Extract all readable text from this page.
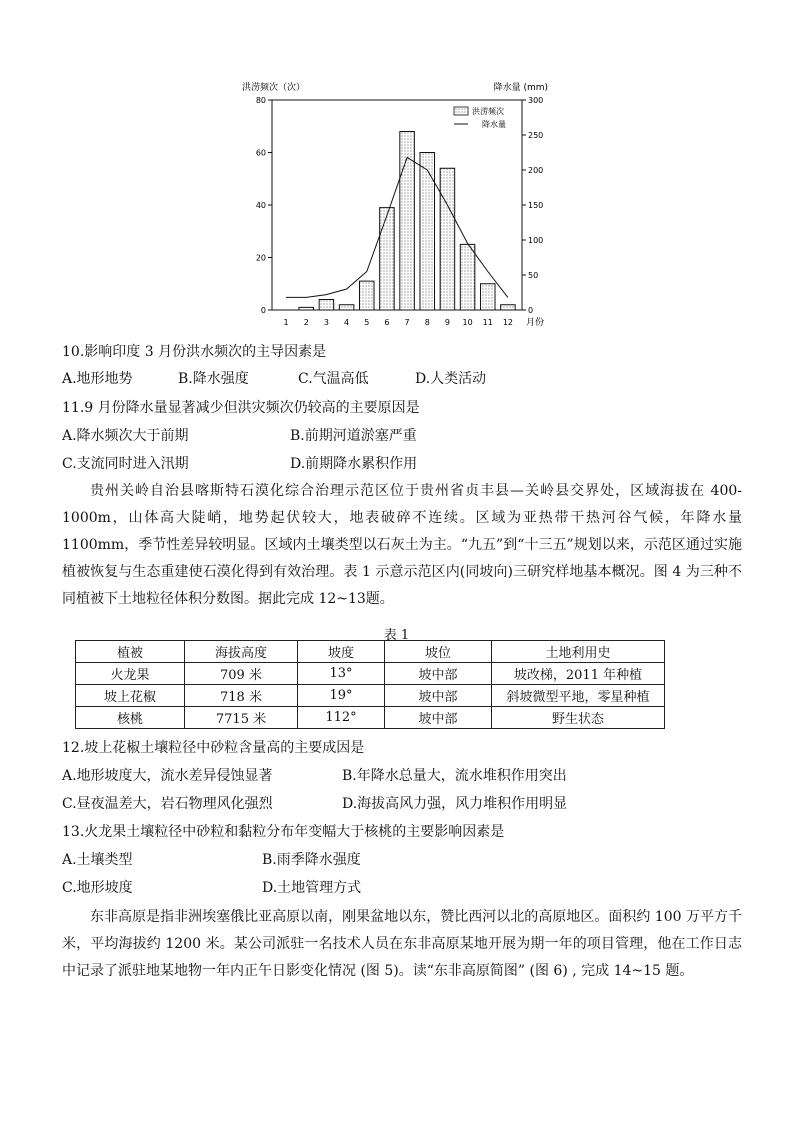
洪涝频次（次）	降水量 (mm)
0
20
40
60
80
0
50
100
150
200
250
300
1 2 3 4 5 6 7 8 9 10 11 12 月份
洪涝频次
降水量
10.影响印度 3 月份洪水频次的主导因素是
A.地形地势	B.降水强度	C.气温高低	D.人类活动
11.9 月份降水量显著减少但洪灾频次仍较高的主要原因是
A.降水频次大于前期	B.前期河道淤塞严重
C.支流同时进入汛期	D.前期降水累积作用
贵州关岭自治县喀斯特石漠化综合治理示范区位于贵州省贞丰县—关岭县交界处，区域海拔在 400-1000m，山体高大陡峭，地势起伏较大，地表破碎不连续。区域为亚热带干热河谷气候，年降水量 1100mm，季节性差异较明显。区域内土壤类型以石灰土为主。“九五”到“十三五”规划以来，示范区通过实施植被恢复与生态重建使石漠化得到有效治理。表 1 示意示范区内(同坡向)三研究样地基本概况。图 4 为三种不同植被下土地粒径体积分数图。据此完成 12~13题。
表 1
植被	海拔高度	坡度	坡位	土地利用史
火龙果	709 米	13°	坡中部	坡改梯，2011 年种植
坡上花椒	718 米	19°	坡中部	斜坡微型平地，零星种植
核桃	7715 米	112°	坡中部	野生状态
12.坡上花椒土壤粒径中砂粒含量高的主要成因是
A.地形坡度大，流水差异侵蚀显著	B.年降水总量大，流水堆积作用突出
C.昼夜温差大，岩石物理风化强烈	D.海拔高风力强，风力堆积作用明显
13.火龙果土壤粒径中砂粒和黏粒分布年变幅大于核桃的主要影响因素是
A.土壤类型	B.雨季降水强度
C.地形坡度	D.土地管理方式
东非高原是指非洲埃塞俄比亚高原以南，刚果盆地以东，赞比西河以北的高原地区。面积约 100 万平方千米，平均海拔约 1200 米。某公司派驻一名技术人员在东非高原某地开展为期一年的项目管理，他在工作日志中记录了派驻地某地物一年内正午日影变化情况 (图 5)。读“东非高原简图” (图 6) , 完成 14~15 题。
